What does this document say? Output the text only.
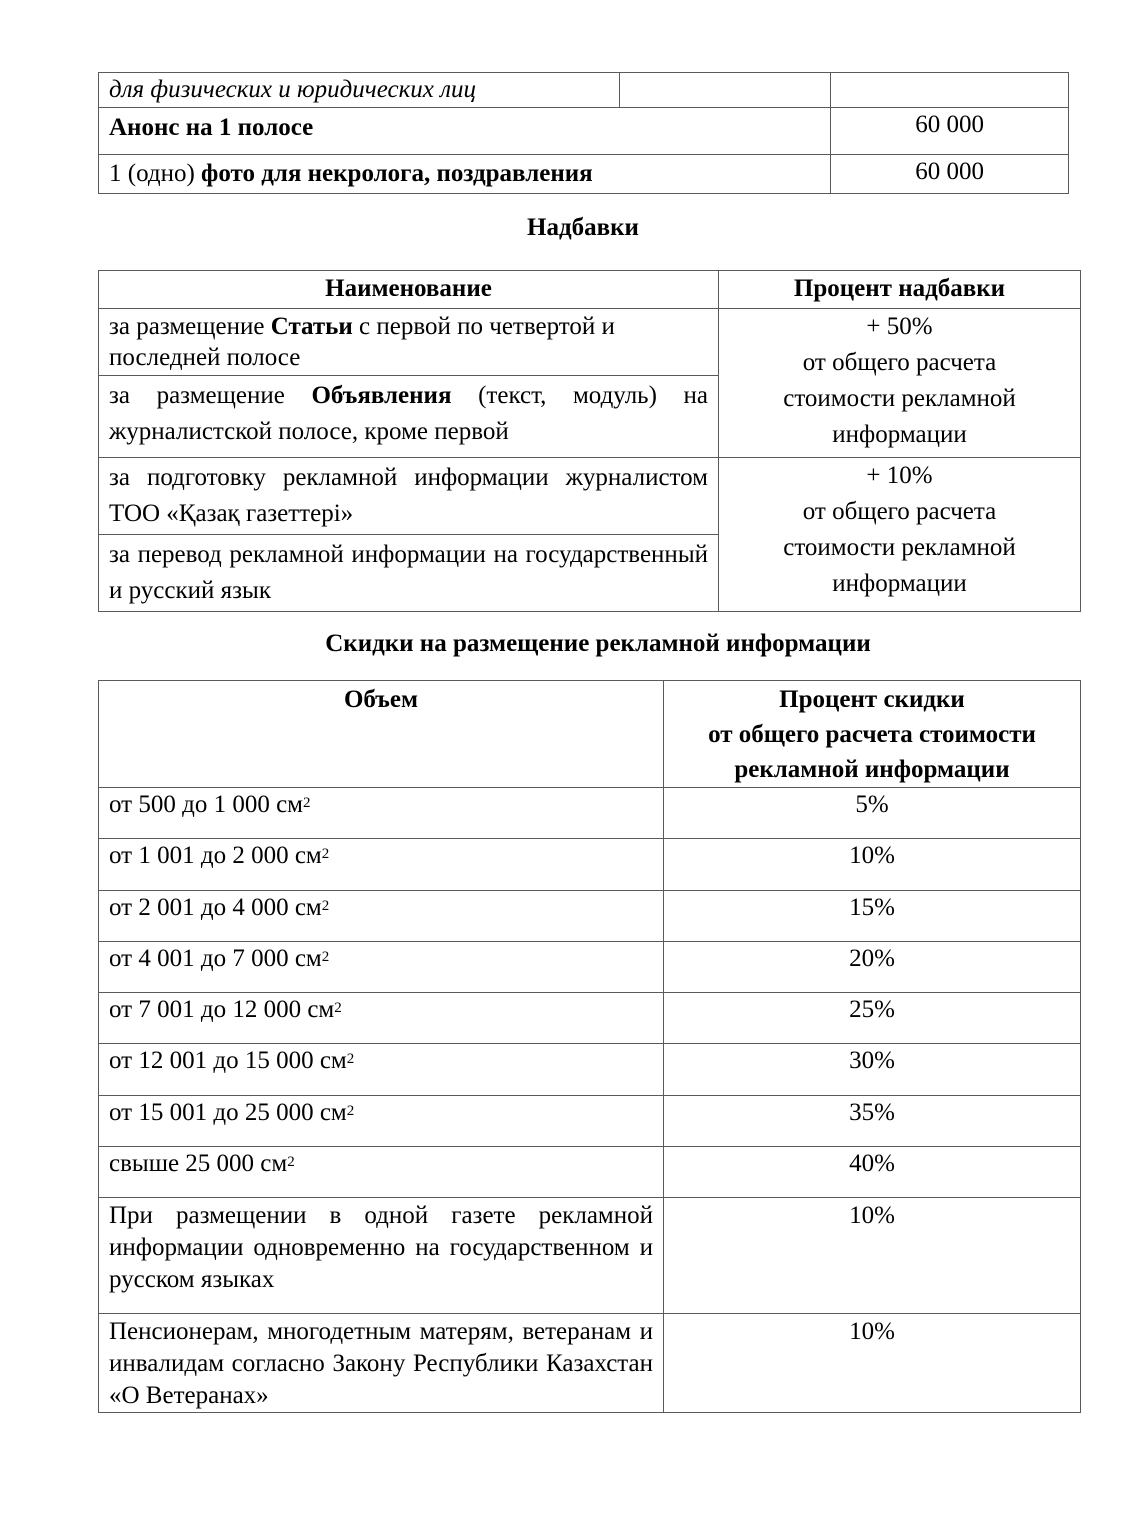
для физических и юридических лиц		
Анонс на 1 полосе		60 000
1 (одно) фото для некролога, поздравления		60 000
Надбавки
Наименование	Процент надбавки
за размещение Статьи с первой по четвертой и последней полосе	+ 50%
от общего расчета
стоимости рекламной
информации

за размещение Объявления (текст, модуль) на журналистской полосе, кроме первой	
за подготовку рекламной информации журналистом ТОО «Қазақ газеттері»	+ 10%
от общего расчета
стоимости рекламной
информации

за перевод рекламной информации на государственный и русский язык	
Скидки на размещение рекламной информации
Объем	Процент скидки
от общего расчета стоимости
рекламной информации

от 500 до 1 000 $см^2$	5%
от 1 001 до 2 000 $см^2$	10%
от 2 001 до 4 000 $см^2$	15%
от 4 001 до 7 000 $см^2$	20%
от 7 001 до 12 000 $см^2$	25%
от 12 001 до 15 000 $см^2$	30%
от 15 001 до 25 000 $см^2$	35%
свыше 25 000 $см^2$	40%
При размещении в одной газете рекламной информации одновременно на государственном и русском языках	10%
Пенсионерам, многодетным матерям, ветеранам и инвалидам согласно Закону Республики Казахстан «О Ветеранах»	10%
